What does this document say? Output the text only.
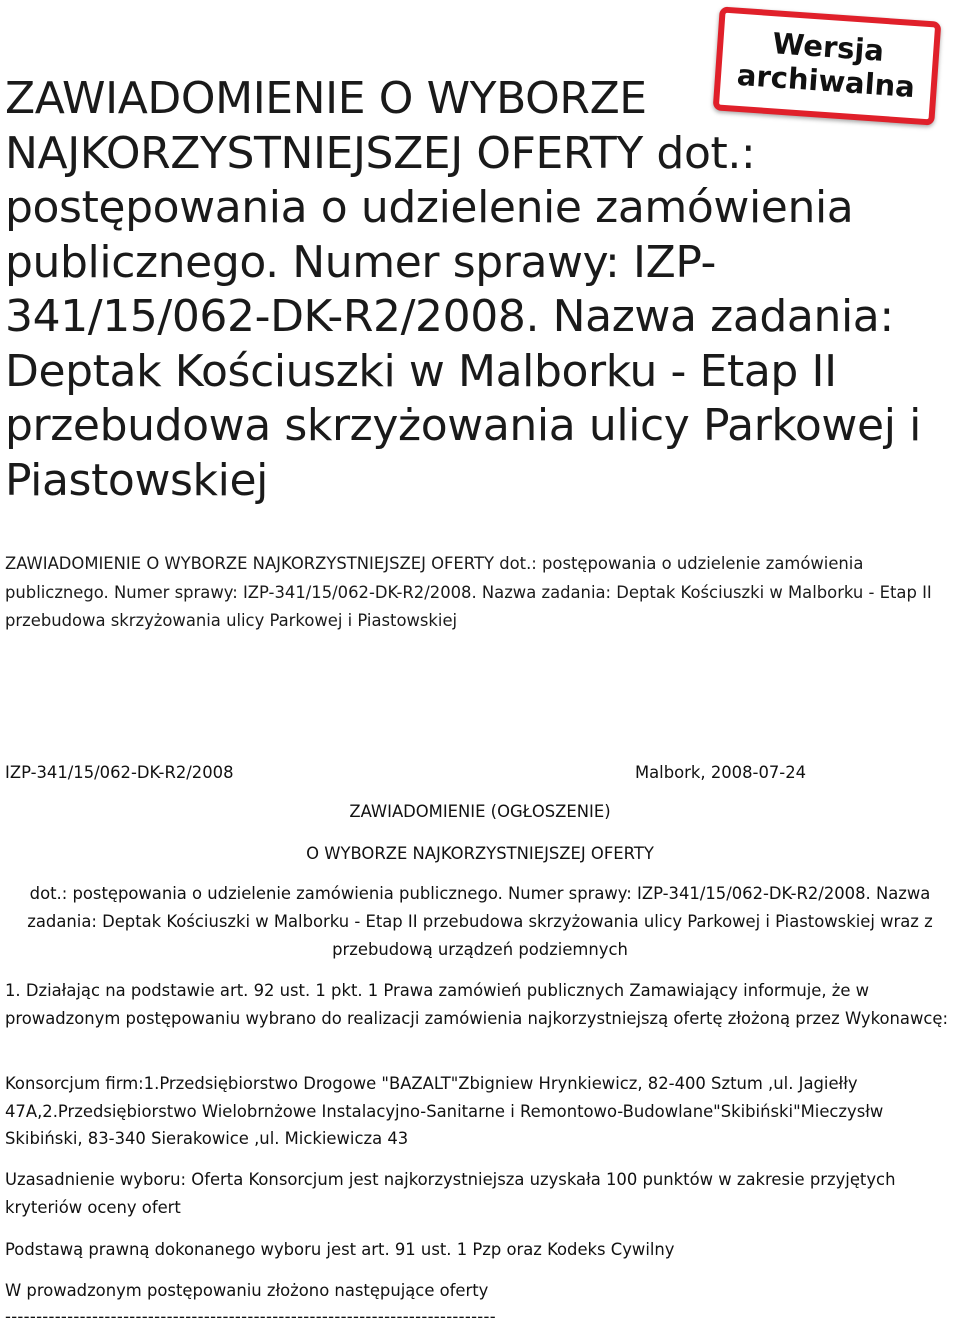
ZAWIADOMIENIE O WYBORZE NAJKORZYSTNIEJSZEJ OFERTY dot.: postępowania o udzielenie zamówienia publicznego. Numer sprawy: IZP-341/15/062-DK-R2/2008. Nazwa zadania: Deptak Kościuszki w Malborku - Etap II przebudowa skrzyżowania ulicy Parkowej i Piastowskiej
Wersja
archiwalna

ZAWIADOMIENIE O WYBORZE NAJKORZYSTNIEJSZEJ OFERTY dot.: postępowania o udzielenie zamówienia publicznego. Numer sprawy: IZP-341/15/062-DK-R2/2008. Nazwa zadania: Deptak Kościuszki w Malborku - Etap II przebudowa skrzyżowania ulicy Parkowej i Piastowskiej

IZP-341/15/062-DK-R2/2008	Malbork, 2008-07-24
ZAWIADOMIENIE (OGŁOSZENIE)
O WYBORZE NAJKORZYSTNIEJSZEJ OFERTY
dot.: postępowania o udzielenie zamówienia publicznego. Numer sprawy: IZP-341/15/062-DK-R2/2008. Nazwa zadania: Deptak Kościuszki w Malborku - Etap II przebudowa skrzyżowania ulicy Parkowej i Piastowskiej wraz z przebudową urządzeń podziemnych

1. Działając na podstawie art. 92 ust. 1 pkt. 1 Prawa zamówień publicznych Zamawiający informuje, że w prowadzonym postępowaniu wybrano do realizacji zamówienia najkorzystniejszą ofertę złożoną przez Wykonawcę:

Konsorcjum firm:1.Przedsiębiorstwo Drogowe "BAZALT"Zbigniew Hrynkiewicz, 82-400 Sztum ,ul. Jagiełły 47A,2.Przedsiębiorstwo Wielobrnżowe Instalacyjno-Sanitarne i Remontowo-Budowlane"Skibiński"Mieczysłw Skibiński, 83-340 Sierakowice ,ul. Mickiewicza 43

Uzasadnienie wyboru: Oferta Konsorcjum jest najkorzystniejsza uzyskała 100 punktów w zakresie przyjętych kryteriów oceny ofert

Podstawą prawną dokonanego wyboru jest art. 91 ust. 1 Pzp oraz Kodeks Cywilny

W prowadzonym postępowaniu złożono następujące oferty

-------------------------------------------------------------------------------
